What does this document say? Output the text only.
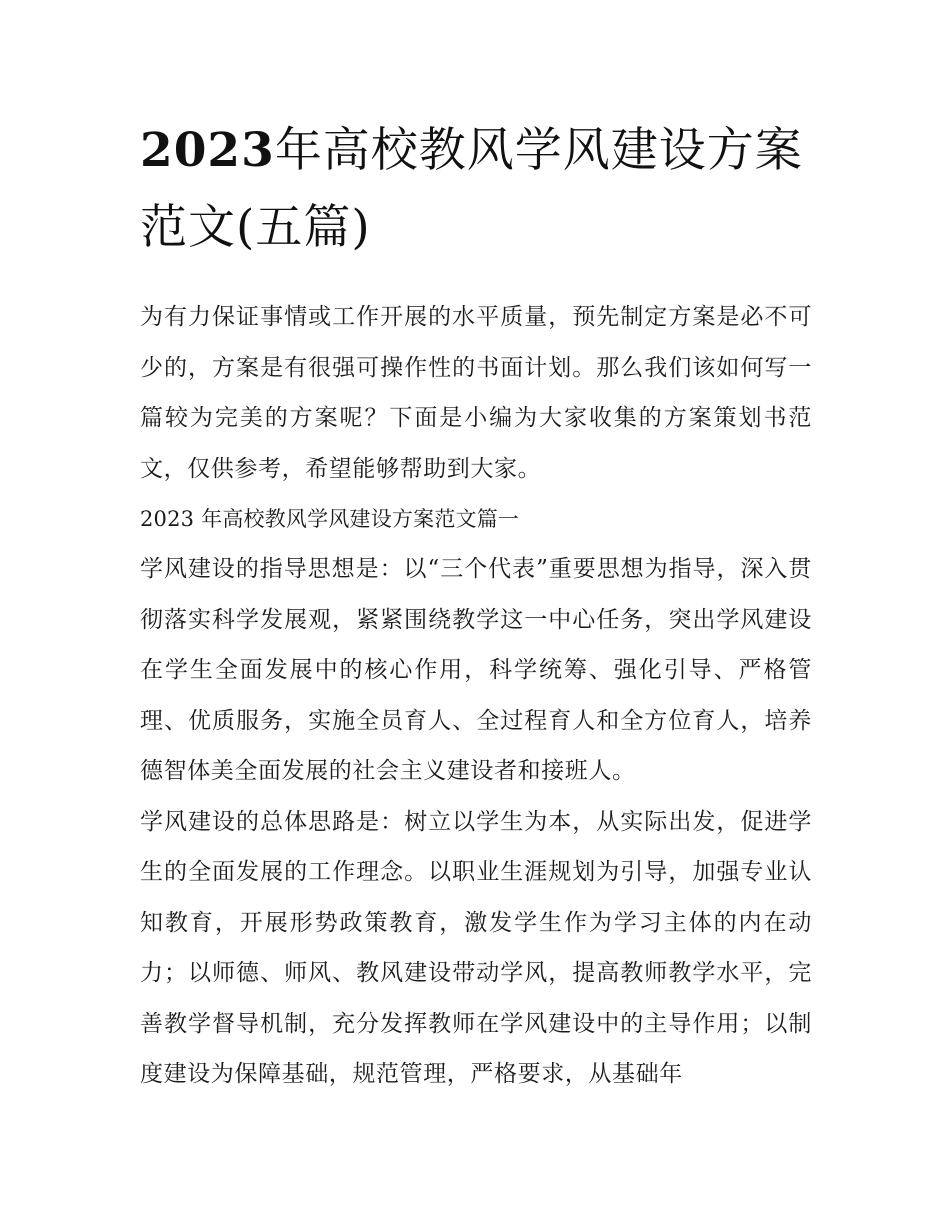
2023年高校教风学风建设方案范文(五篇)

为有力保证事情或工作开展的水平质量，预先制定方案是必不可少的，方案是有很强可操作性的书面计划。那么我们该如何写一篇较为完美的方案呢？下面是小编为大家收集的方案策划书范文，仅供参考，希望能够帮助到大家。

2023 年高校教风学风建设方案范文篇一

学风建设的指导思想是：以“三个代表”重要思想为指导，深入贯彻落实科学发展观，紧紧围绕教学这一中心任务，突出学风建设在学生全面发展中的核心作用，科学统筹、强化引导、严格管理、优质服务，实施全员育人、全过程育人和全方位育人，培养德智体美全面发展的社会主义建设者和接班人。

学风建设的总体思路是：树立以学生为本，从实际出发，促进学生的全面发展的工作理念。以职业生涯规划为引导，加强专业认知教育，开展形势政策教育，激发学生作为学习主体的内在动力；以师德、师风、教风建设带动学风，提高教师教学水平，完善教学督导机制，充分发挥教师在学风建设中的主导作用；以制度建设为保障基础，规范管理，严格要求，从基础年
